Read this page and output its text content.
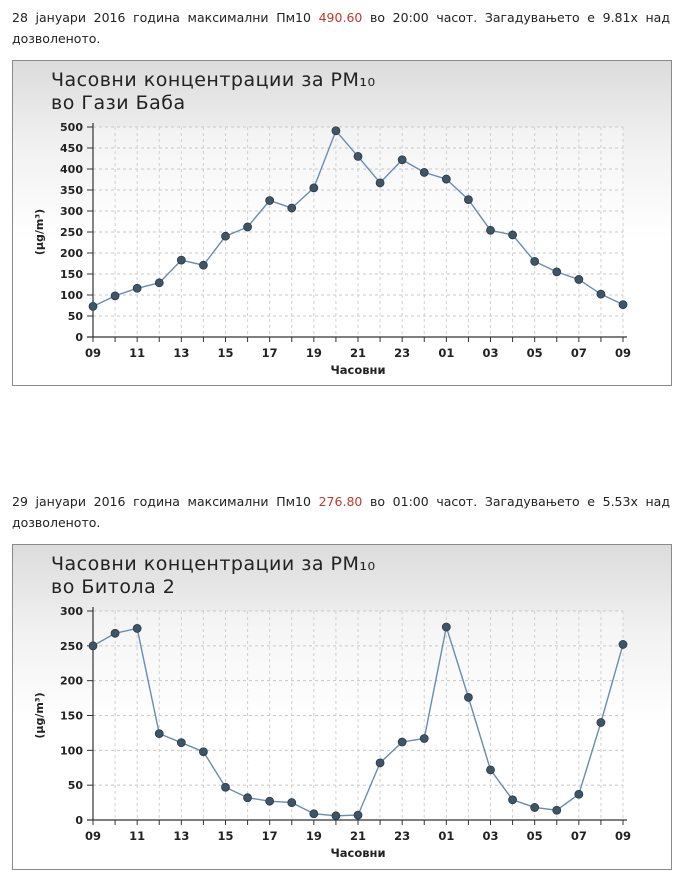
28 јануари 2016 година максимални Пм10 490.60 во 20:00 часот. Загадувањето е 9.81x над дозволеното.

Часовни концентрации за PM₁₀
во Гази Баба
0
50
100
150
200
250
300
350
400
450
500
09 11 13 15 17 19 21 23 01 03 05 07 09
Часовни
(µg/m³)

29 јануари 2016 година максимални Пм10 276.80 во 01:00 часот. Загадувањето е 5.53x над дозволеното.

Часовни концентрации за PM₁₀
во Битола 2
0
50
100
150
200
250
300
09 11 13 15 17 19 21 23 01 03 05 07 09
Часовни
(µg/m³)
